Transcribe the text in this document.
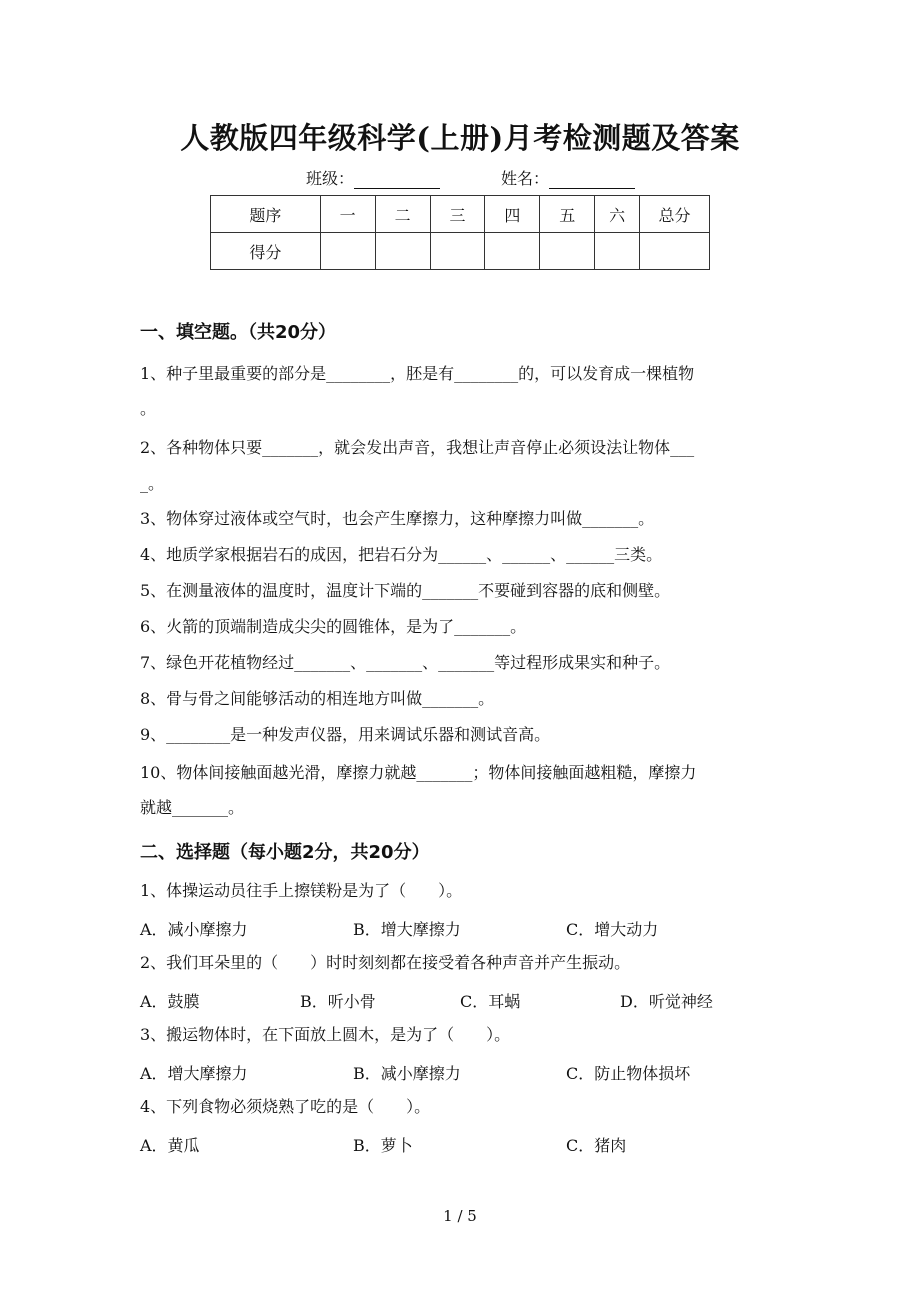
人教版四年级科学(上册)月考检测题及答案
班级：	姓名：
题序	一	二	三	四	五	六	总分
得分							
一、填空题。（共20分）
1、种子里最重要的部分是________，胚是有________的，可以发育成一棵植物
。
2、各种物体只要_______，就会发出声音，我想让声音停止必须设法让物体___
_。
3、物体穿过液体或空气时，也会产生摩擦力，这种摩擦力叫做_______。
4、地质学家根据岩石的成因，把岩石分为______、______、______三类。
5、在测量液体的温度时，温度计下端的_______不要碰到容器的底和侧壁。
6、火箭的顶端制造成尖尖的圆锥体，是为了_______。
7、绿色开花植物经过_______、_______、_______等过程形成果实和种子。
8、骨与骨之间能够活动的相连地方叫做_______。
9、________是一种发声仪器，用来调试乐器和测试音高。
10、物体间接触面越光滑，摩擦力就越_______；物体间接触面越粗糙，摩擦力
就越_______。
二、选择题（每小题2分，共20分）
1、体操运动员往手上擦镁粉是为了（　　）。
A．减小摩擦力	B．增大摩擦力	C．增大动力
2、我们耳朵里的（　　）时时刻刻都在接受着各种声音并产生振动。
A．鼓膜	B．听小骨	C．耳蜗	D．听觉神经
3、搬运物体时，在下面放上圆木，是为了（　　）。
A．增大摩擦力	B．减小摩擦力	C．防止物体损坏
4、下列食物必须烧熟了吃的是（　　）。
A．黄瓜	B．萝卜	C．猪肉
1 / 5
